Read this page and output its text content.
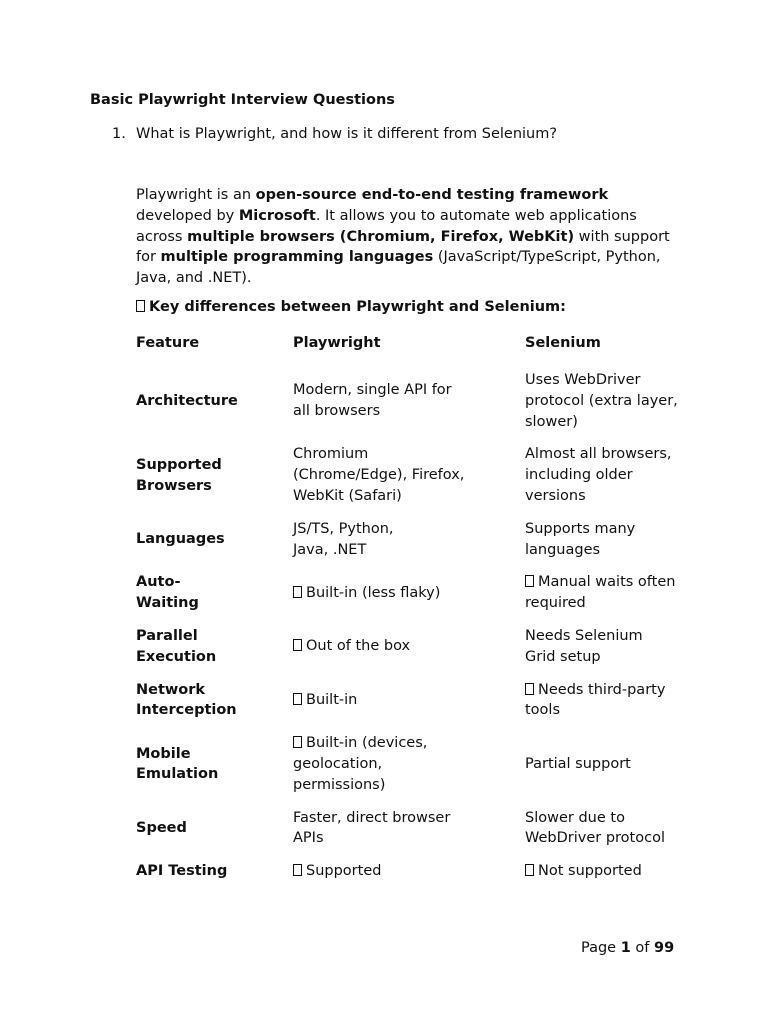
Basic Playwright Interview Questions
1. What is Playwright, and how is it different from Selenium?
Playwright is an open-source end-to-end testing framework developed by Microsoft. It allows you to automate web applications across multiple browsers (Chromium, Firefox, WebKit) with support for multiple programming languages (JavaScript/TypeScript, Python, Java, and .NET).
Key differences between Playwright and Selenium:
Feature	Playwright	Selenium

Architecture	Modern, single API for all browsers	Uses WebDriver protocol (extra layer, slower)

Supported Browsers	Chromium (Chrome/Edge), Firefox, WebKit (Safari)	Almost all browsers, including older versions

Languages	JS/TS, Python, Java, .NET	Supports many languages

Auto-Waiting	Built-in (less flaky)	Manual waits often required

Parallel Execution	Out of the box	Needs Selenium Grid setup

Network Interception	Built-in	Needs third-party tools

Mobile Emulation	Built-in (devices, geolocation, permissions)	Partial support

Speed	Faster, direct browser APIs	Slower due to WebDriver protocol

API Testing	Supported	Not supported
Page 1 of 99
